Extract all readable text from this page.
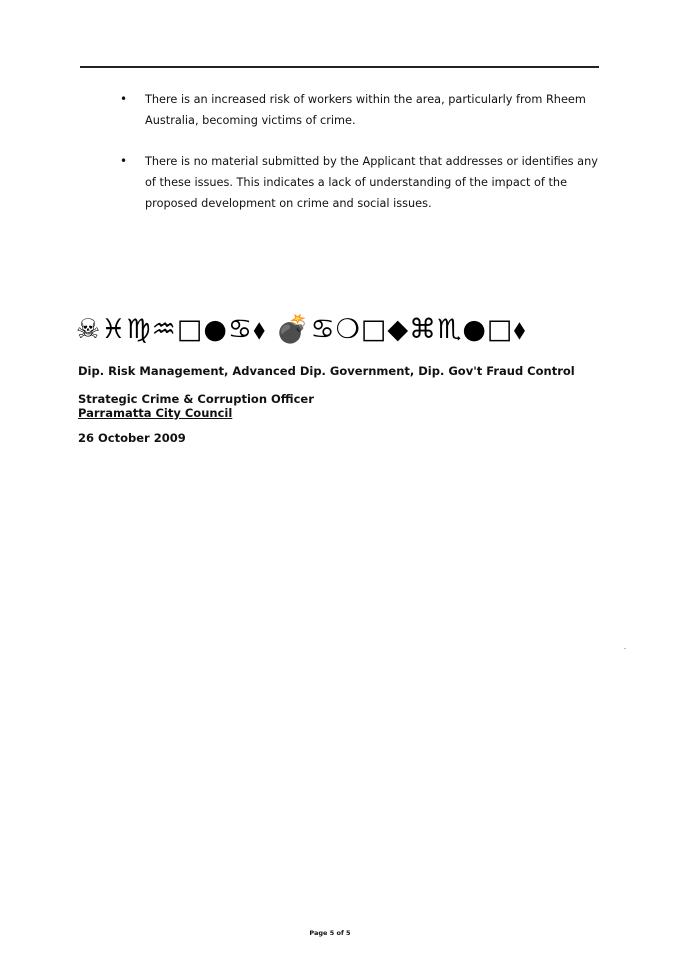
• There is an increased risk of workers within the area, particularly from Rheem Australia, becoming victims of crime.
• There is no material submitted by the Applicant that addresses or identifies any of these issues. This indicates a lack of understanding of the impact of the proposed development on crime and social issues.
☠♓♍♒□●♋⬧ 💣♋❍□◆⌘♏●□⬧
Dip. Risk Management, Advanced Dip. Government, Dip. Gov't Fraud Control
Strategic Crime & Corruption Officer
Parramatta City Council
26 October 2009
Page 5 of 5
